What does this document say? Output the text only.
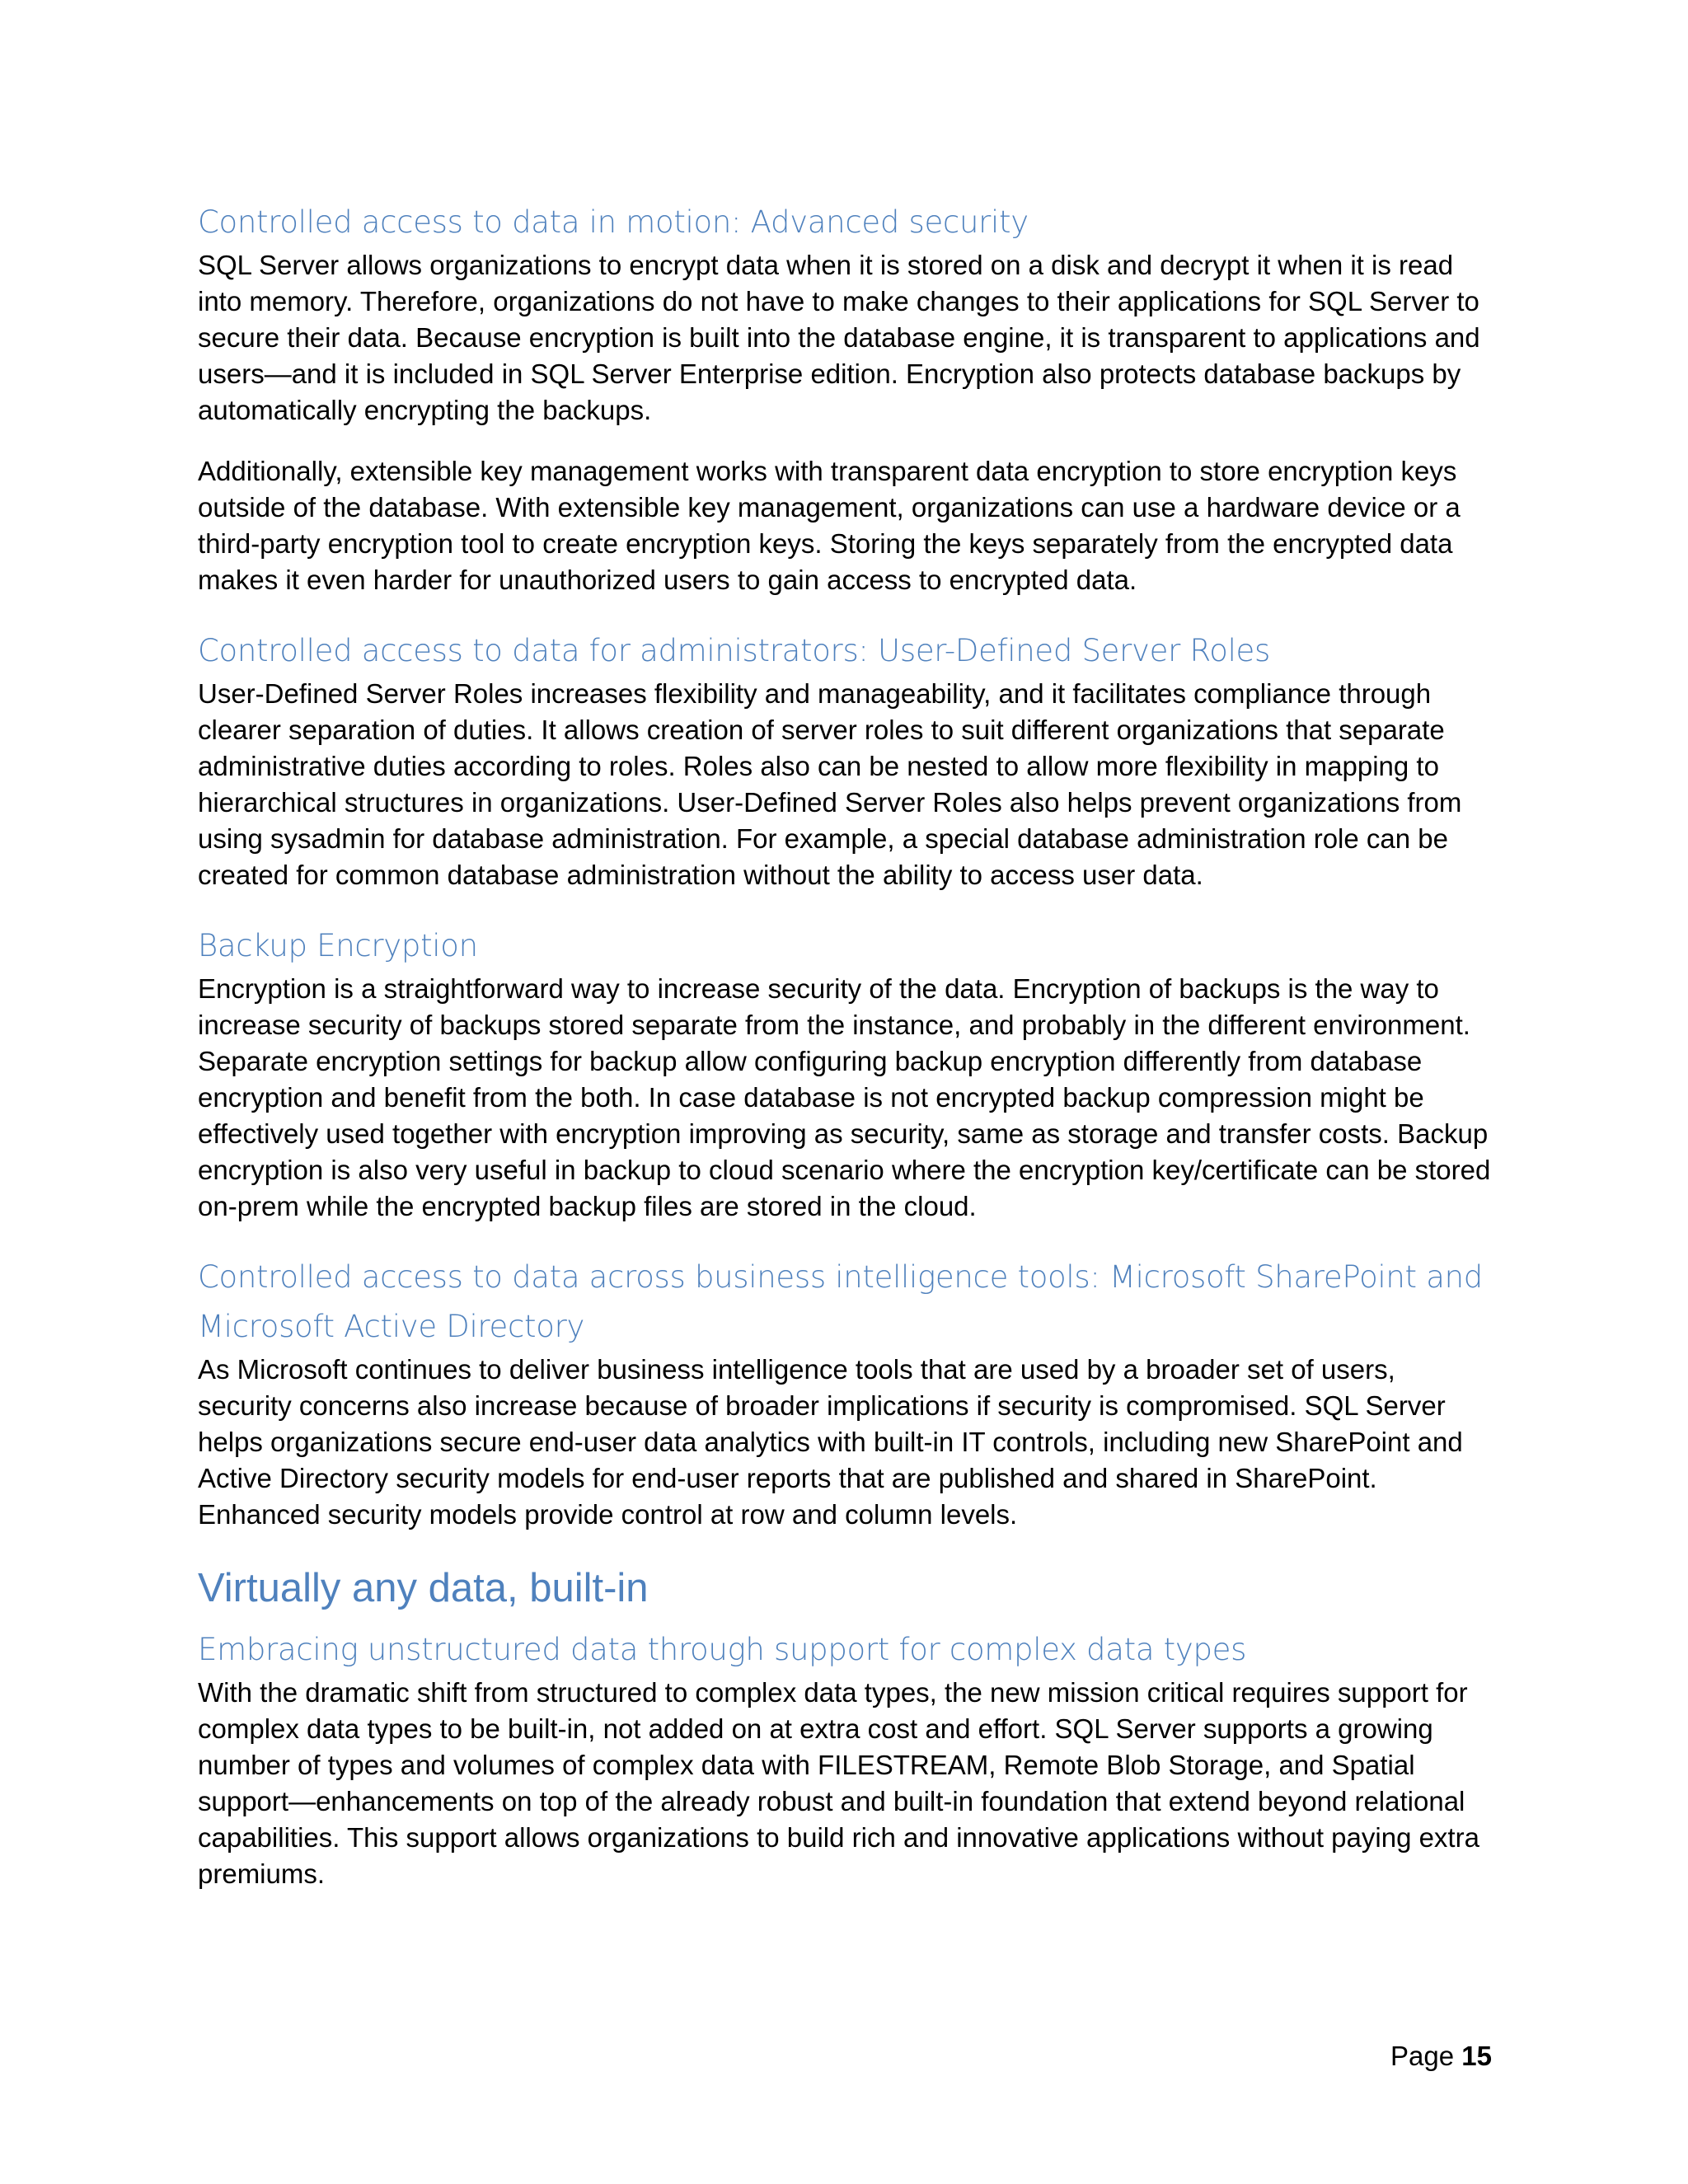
Controlled access to data in motion: Advanced security

SQL Server allows organizations to encrypt data when it is stored on a disk and decrypt it when it is read into memory. Therefore, organizations do not have to make changes to their applications for SQL Server to secure their data. Because encryption is built into the database engine, it is transparent to applications and users—and it is included in SQL Server Enterprise edition. Encryption also protects database backups by automatically encrypting the backups.

Additionally, extensible key management works with transparent data encryption to store encryption keys outside of the database. With extensible key management, organizations can use a hardware device or a third-party encryption tool to create encryption keys. Storing the keys separately from the encrypted data makes it even harder for unauthorized users to gain access to encrypted data.

Controlled access to data for administrators: User-Defined Server Roles

User-Defined Server Roles increases flexibility and manageability, and it facilitates compliance through clearer separation of duties. It allows creation of server roles to suit different organizations that separate administrative duties according to roles. Roles also can be nested to allow more flexibility in mapping to hierarchical structures in organizations. User-Defined Server Roles also helps prevent organizations from using sysadmin for database administration. For example, a special database administration role can be created for common database administration without the ability to access user data.

Backup Encryption

Encryption is a straightforward way to increase security of the data. Encryption of backups is the way to increase security of backups stored separate from the instance, and probably in the different environment. Separate encryption settings for backup allow configuring backup encryption differently from database encryption and benefit from the both. In case database is not encrypted backup compression might be effectively used together with encryption improving as security, same as storage and transfer costs. Backup encryption is also very useful in backup to cloud scenario where the encryption key/certificate can be stored on-prem while the encrypted backup files are stored in the cloud.

Controlled access to data across business intelligence tools: Microsoft SharePoint and Microsoft Active Directory

As Microsoft continues to deliver business intelligence tools that are used by a broader set of users, security concerns also increase because of broader implications if security is compromised. SQL Server helps organizations secure end-user data analytics with built-in IT controls, including new SharePoint and Active Directory security models for end-user reports that are published and shared in SharePoint. Enhanced security models provide control at row and column levels.

Virtually any data, built-in
Embracing unstructured data through support for complex data types

With the dramatic shift from structured to complex data types, the new mission critical requires support for complex data types to be built-in, not added on at extra cost and effort. SQL Server supports a growing number of types and volumes of complex data with FILESTREAM, Remote Blob Storage, and Spatial support—enhancements on top of the already robust and built-in foundation that extend beyond relational capabilities. This support allows organizations to build rich and innovative applications without paying extra premiums.

Page 15
